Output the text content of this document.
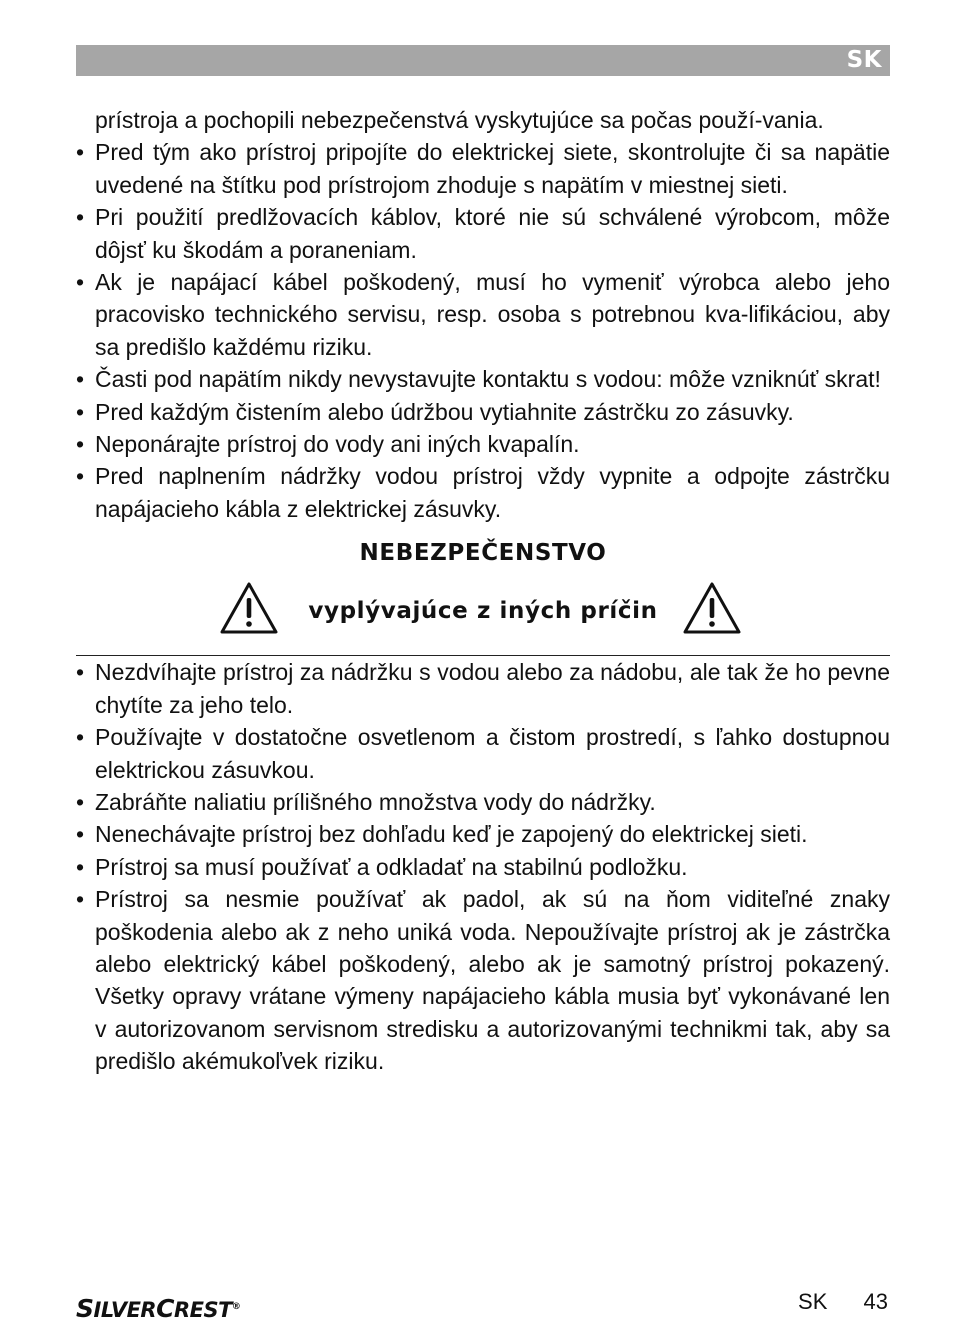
SK

prístroja a pochopili nebezpečenstvá vyskytujúce sa počas použí-vania.

• Pred tým ako prístroj pripojíte do elektrickej siete, skontrolujte či sa napätie uvedené na štítku pod prístrojom zhoduje s napätím v miestnej sieti.
• Pri použití predlžovacích káblov, ktoré nie sú schválené výrobcom, môže dôjsť ku škodám a poraneniam.
• Ak je napájací kábel poškodený, musí ho vymeniť výrobca alebo jeho pracovisko technického servisu, resp. osoba s potrebnou kva-lifikáciou, aby sa predišlo každému riziku.
• Časti pod napätím nikdy nevystavujte kontaktu s vodou: môže vzniknúť skrat!
• Pred každým čistením alebo údržbou vytiahnite zástrčku zo zásuvky.
• Neponárajte prístroj do vody ani iných kvapalín.
• Pred naplnením nádržky vodou prístroj vždy vypnite a odpojte zástrčku napájacieho kábla z elektrickej zásuvky.
NEBEZPEČENSTVO
vyplývajúce z iných príčin
• Nezdvíhajte prístroj za nádržku s vodou alebo za nádobu, ale tak že ho pevne chytíte za jeho telo.
• Používajte v dostatočne osvetlenom a čistom prostredí, s ľahko dostupnou elektrickou zásuvkou.
• Zabráňte naliatiu prílišného množstva vody do nádržky.
• Nenechávajte prístroj bez dohľadu keď je zapojený do elektrickej sieti.
• Prístroj sa musí používať a odkladať na stabilnú podložku.
• Prístroj sa nesmie používať ak padol, ak sú na ňom viditeľné znaky poškodenia alebo ak z neho uniká voda. Nepoužívajte prístroj ak je zástrčka alebo elektrický kábel poškodený, alebo ak je samotný prístroj pokazený. Všetky opravy vrátane výmeny napájacieho kábla musia byť vykonávané len v autorizovanom servisnom stredisku a autorizovanými technikmi tak, aby sa predišlo akémukoľvek riziku.
SILVERCREST®	SK 43
